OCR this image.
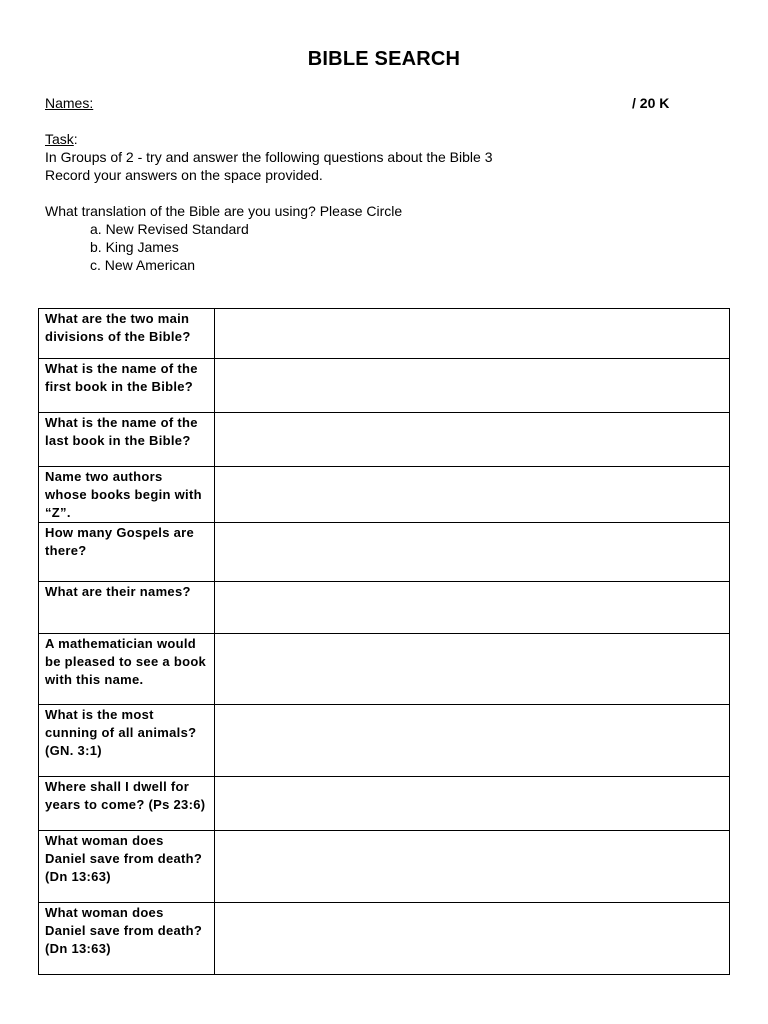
BIBLE SEARCH
Names:	/ 20 K
Task:
In Groups of 2 - try and answer the following questions about the Bible 3
Record your answers on the space provided.
What translation of the Bible are you using? Please Circle
a. New Revised Standard
b. King James
c. New American
What are the two main divisions of the Bible?	
What is the name of the first book in the Bible?	
What is the name of the last book in the Bible?	
Name two authors whose books begin with “Z”.	
How many Gospels are there?	
What are their names?	
A mathematician would be pleased to see a book with this name.	
What is the most cunning of all animals? (GN. 3:1)	
Where shall I dwell for years to come? (Ps 23:6)	
What woman does Daniel save from death? (Dn 13:63)	
What woman does Daniel save from death? (Dn 13:63)	
